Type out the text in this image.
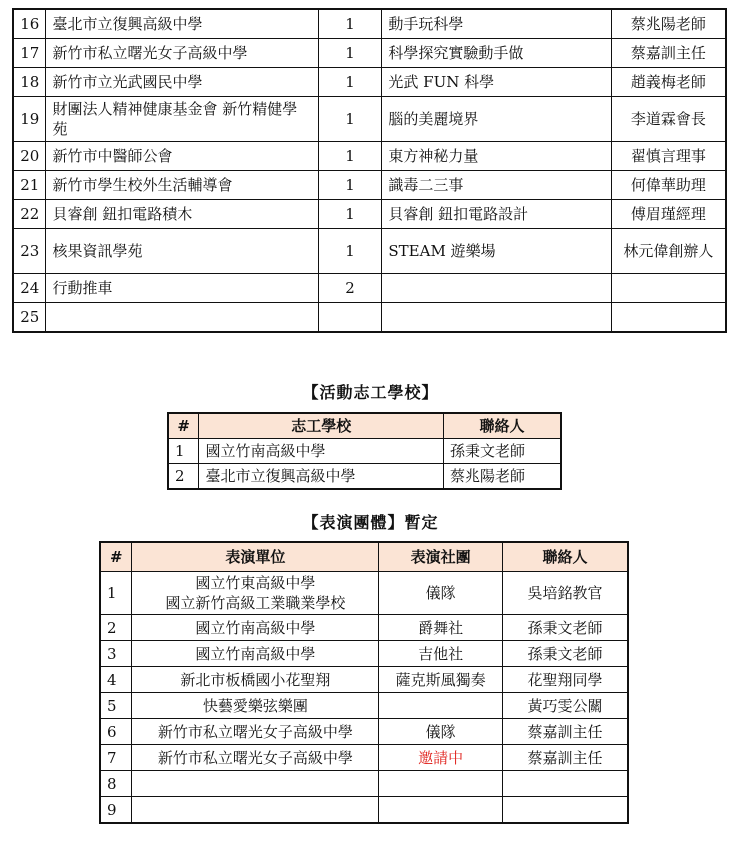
16	臺北市立復興高級中學	1	動手玩科學	蔡兆陽老師
17	新竹市私立曙光女子高級中學	1	科學探究實驗動手做	蔡嘉訓主任
18	新竹市立光武國民中學	1	光武 FUN 科學	趙義梅老師
19	財團法人精神健康基金會 新竹精健學苑	1	腦的美麗境界	李道霖會長
20	新竹市中醫師公會	1	東方神秘力量	翟慎言理事
21	新竹市學生校外生活輔導會	1	識毒二三事	何偉華助理
22	貝睿創 鈕扣電路積木	1	貝睿創 鈕扣電路設計	傅眉瑾經理
23	核果資訊學苑	1	STEAM 遊樂場	林元偉創辦人
24	行動推車	2		
25				
【活動志工學校】
#	志工學校	聯絡人
1	國立竹南高級中學	孫秉文老師
2	臺北市立復興高級中學	蔡兆陽老師
【表演團體】暫定
#	表演單位	表演社團	聯絡人
1	國立竹東高級中學
國立新竹高級工業職業學校	儀隊	吳培銘教官
2	國立竹南高級中學	爵舞社	孫秉文老師
3	國立竹南高級中學	吉他社	孫秉文老師
4	新北市板橋國小花聖翔	薩克斯風獨奏	花聖翔同學
5	快藝愛樂弦樂團		黃巧雯公關
6	新竹市私立曙光女子高級中學	儀隊	蔡嘉訓主任
7	新竹市私立曙光女子高級中學	邀請中	蔡嘉訓主任
8			
9			
